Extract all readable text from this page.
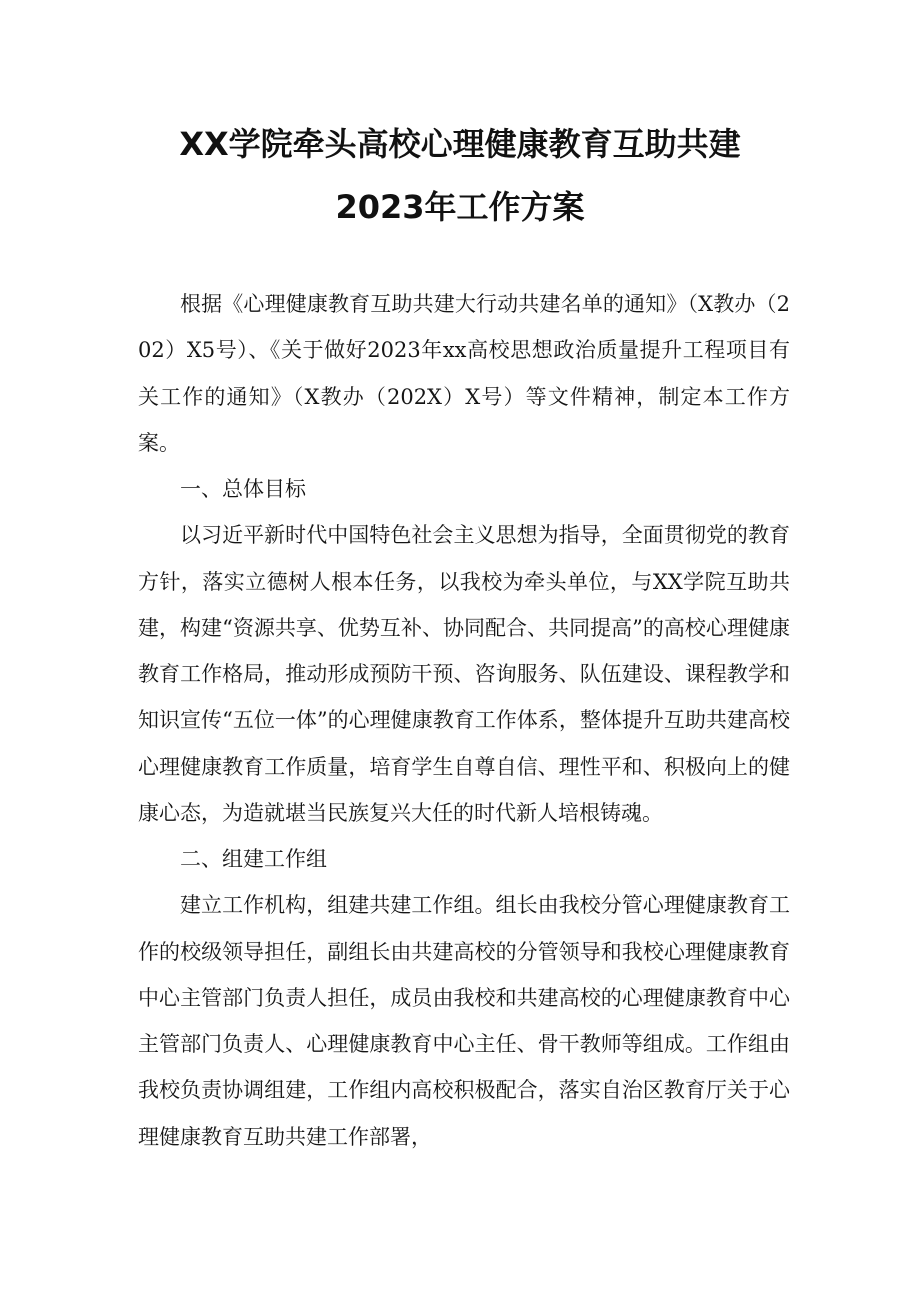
XX学院牵头高校心理健康教育互助共建
2023年工作方案

根据《心理健康教育互助共建大行动共建名单的通知》（X教办（202）X5号）、《关于做好2023年xx高校思想政治质量提升工程项目有关工作的通知》（X教办（202X）X号）等文件精神，制定本工作方案。

一、总体目标

以习近平新时代中国特色社会主义思想为指导，全面贯彻党的教育方针，落实立德树人根本任务，以我校为牵头单位，与XX学院互助共建，构建“资源共享、优势互补、协同配合、共同提高”的高校心理健康教育工作格局，推动形成预防干预、咨询服务、队伍建设、课程教学和知识宣传“五位一体”的心理健康教育工作体系，整体提升互助共建高校心理健康教育工作质量，培育学生自尊自信、理性平和、积极向上的健康心态，为造就堪当民族复兴大任的时代新人培根铸魂。

二、组建工作组

建立工作机构，组建共建工作组。组长由我校分管心理健康教育工作的校级领导担任，副组长由共建高校的分管领导和我校心理健康教育中心主管部门负责人担任，成员由我校和共建高校的心理健康教育中心主管部门负责人、心理健康教育中心主任、骨干教师等组成。工作组由我校负责协调组建，工作组内高校积极配合，落实自治区教育厅关于心理健康教育互助共建工作部署，
